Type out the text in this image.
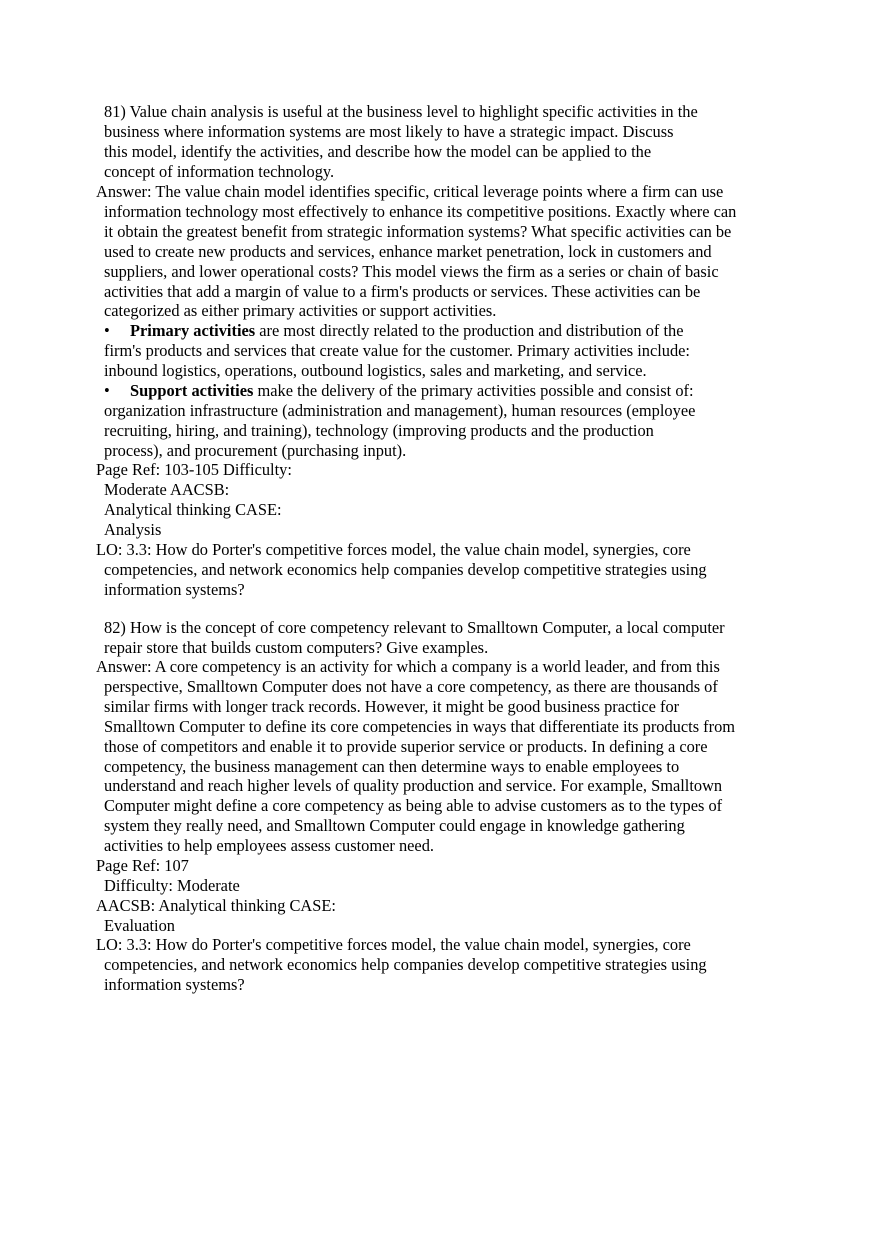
81) Value chain analysis is useful at the business level to highlight specific activities in the
business where information systems are most likely to have a strategic impact. Discuss
this model, identify the activities, and describe how the model can be applied to the
concept of information technology.
Answer: The value chain model identifies specific, critical leverage points where a firm can use
information technology most effectively to enhance its competitive positions. Exactly where can
it obtain the greatest benefit from strategic information systems? What specific activities can be
used to create new products and services, enhance market penetration, lock in customers and
suppliers, and lower operational costs? This model views the firm as a series or chain of basic
activities that add a margin of value to a firm's products or services. These activities can be
categorized as either primary activities or support activities.
• Primary activities are most directly related to the production and distribution of the
firm's products and services that create value for the customer. Primary activities include:
inbound logistics, operations, outbound logistics, sales and marketing, and service.
• Support activities make the delivery of the primary activities possible and consist of:
organization infrastructure (administration and management), human resources (employee
recruiting, hiring, and training), technology (improving products and the production
process), and procurement (purchasing input).
Page Ref: 103-105 Difficulty:
Moderate AACSB:
Analytical thinking CASE:
Analysis
LO: 3.3: How do Porter's competitive forces model, the value chain model, synergies, core
competencies, and network economics help companies develop competitive strategies using
information systems?
82) How is the concept of core competency relevant to Smalltown Computer, a local computer
repair store that builds custom computers? Give examples.
Answer: A core competency is an activity for which a company is a world leader, and from this
perspective, Smalltown Computer does not have a core competency, as there are thousands of
similar firms with longer track records. However, it might be good business practice for
Smalltown Computer to define its core competencies in ways that differentiate its products from
those of competitors and enable it to provide superior service or products. In defining a core
competency, the business management can then determine ways to enable employees to
understand and reach higher levels of quality production and service. For example, Smalltown
Computer might define a core competency as being able to advise customers as to the types of
system they really need, and Smalltown Computer could engage in knowledge gathering
activities to help employees assess customer need.
Page Ref: 107
Difficulty: Moderate
AACSB: Analytical thinking CASE:
Evaluation
LO: 3.3: How do Porter's competitive forces model, the value chain model, synergies, core
competencies, and network economics help companies develop competitive strategies using
information systems?
